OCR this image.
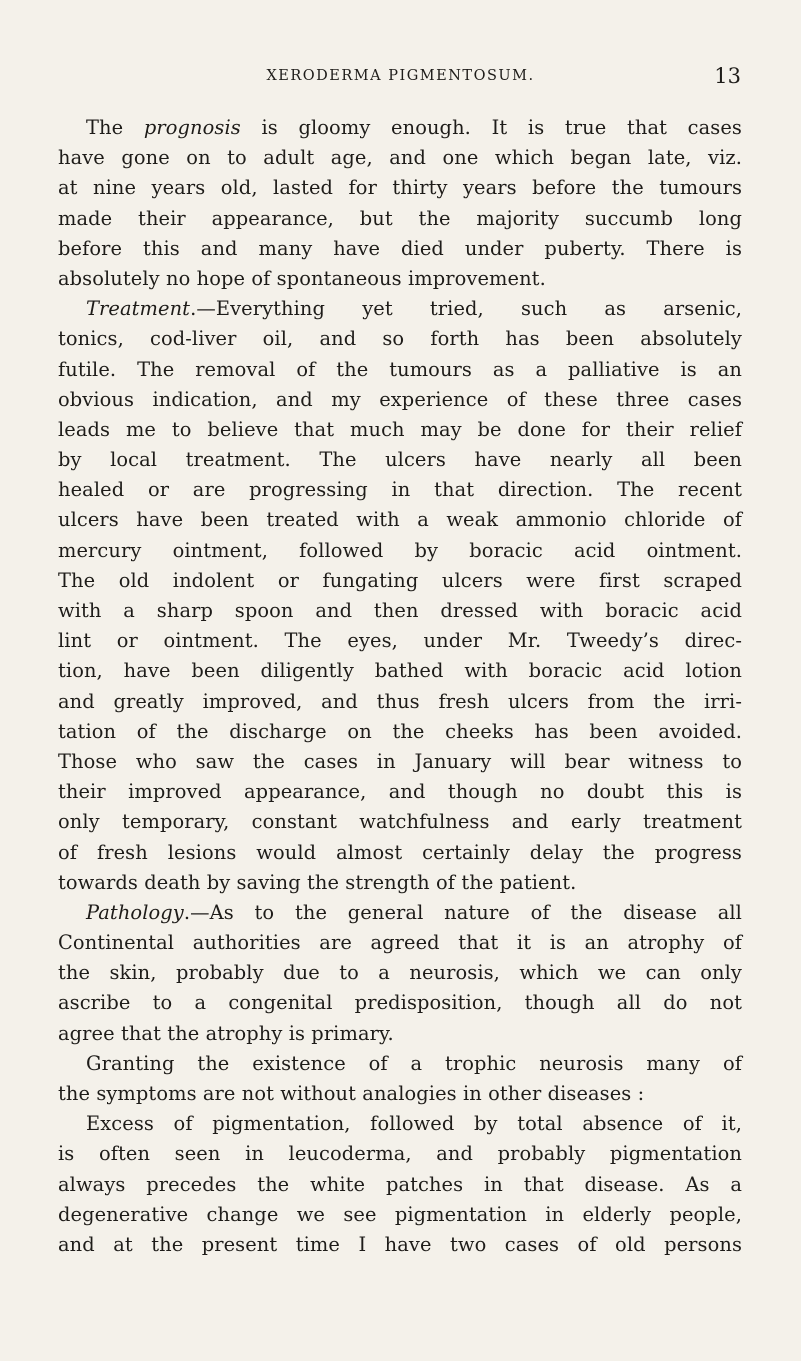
XERODERMA PIGMENTOSUM.	13
The prognosis is gloomy enough. It is true that cases
have gone on to adult age, and one which began late, viz.
at nine years old, lasted for thirty years before the tumours
made their appearance, but the majority succumb long
before this and many have died under puberty. There is
absolutely no hope of spontaneous improvement.
Treatment.—Everything yet tried, such as arsenic,
tonics, cod-liver oil, and so forth has been absolutely
futile. The removal of the tumours as a palliative is an
obvious indication, and my experience of these three cases
leads me to believe that much may be done for their relief
by local treatment. The ulcers have nearly all been
healed or are progressing in that direction. The recent
ulcers have been treated with a weak ammonio chloride of
mercury ointment, followed by boracic acid ointment.
The old indolent or fungating ulcers were first scraped
with a sharp spoon and then dressed with boracic acid
lint or ointment. The eyes, under Mr. Tweedy’s direc-
tion, have been diligently bathed with boracic acid lotion
and greatly improved, and thus fresh ulcers from the irri-
tation of the discharge on the cheeks has been avoided.
Those who saw the cases in January will bear witness to
their improved appearance, and though no doubt this is
only temporary, constant watchfulness and early treatment
of fresh lesions would almost certainly delay the progress
towards death by saving the strength of the patient.
Pathology.—As to the general nature of the disease all
Continental authorities are agreed that it is an atrophy of
the skin, probably due to a neurosis, which we can only
ascribe to a congenital predisposition, though all do not
agree that the atrophy is primary.
Granting the existence of a trophic neurosis many of
the symptoms are not without analogies in other diseases :
Excess of pigmentation, followed by total absence of it,
is often seen in leucoderma, and probably pigmentation
always precedes the white patches in that disease. As a
degenerative change we see pigmentation in elderly people,
and at the present time I have two cases of old persons
